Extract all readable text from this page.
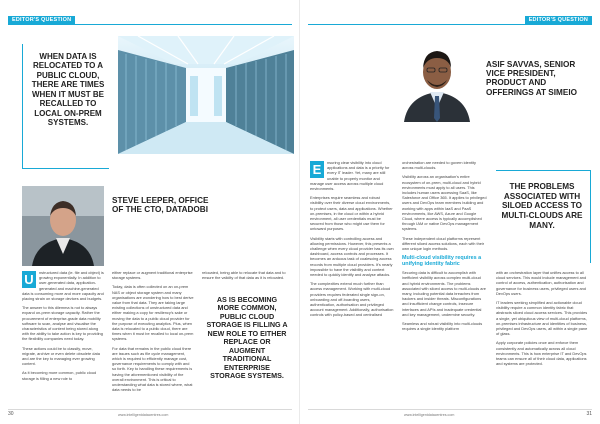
EDITOR'S QUESTION
WHEN DATA IS RELOCATED TO A PUBLIC CLOUD, THERE ARE TIMES WHEN IT MUST BE RECALLED TO LOCAL ON-PREM SYSTEMS.
STEVE LEEPER, OFFICE OF THE CTO, DATADOBI
U	nstructured data (ie. file and object) is growing exponentially. In addition to user-generated data, application-generated and machine-generated data is consuming more and more capacity and placing strain on storage devices and budgets.

The answer to this dilemma is not to always expand on-prem storage capacity. Rather the procurement of enterprise-grade data mobility software to scan, analyse and visualise the characteristics of content being stored along with the ability to take action is key to providing the flexibility companies need today.

These actions could be to classify, move, migrate, archive or even delete obsolete data and are the key to managing ever growing content.

As it becoming more common, public cloud storage is filling a new role to

either replace or augment traditional enterprise storage systems.

Today, data is often collected on an on-prem NAS or object storage system and many organisations are wondering how to best derive value from that data. They are taking large existing collections of unstructured data and either making a copy for resiliency's sake or moving the data to a public cloud provider for the purpose of executing analytics. Plus, when data is relocated to a public cloud, there are times when it must be recalled to local on-prem systems.

For data that remains in the public cloud there are issues such as file cycle management, which is required to efficiently manage cost, governance requirements to comply with and so forth. Key to handling these requirements is having the aforementioned visibility of the overall environment. This is critical to understanding what data is stored where, what data needs to be

relocated, being able to relocate that data and to ensure the validity of that data as it is relocated.

AS IS BECOMING MORE COMMON, PUBLIC CLOUD STORAGE IS FILLING A NEW ROLE TO EITHER REPLACE OR AUGMENT TRADITIONAL ENTERPRISE STORAGE SYSTEMS.
30	www.intelligentdatacentres.com
EDITOR'S QUESTION
ASIF SAVVAS, SENIOR VICE PRESIDENT, PRODUCT AND OFFERINGS AT SIMEIO
E	nsuring clear visibility into cloud applications and data is a priority for every IT leader. Yet, many are still unable to properly monitor and manage user access across multiple cloud environments.

Enterprises require seamless and robust visibility over their diverse cloud environments, to protect users, data and applications. Whether on-premises, in the cloud or within a hybrid environment, all user credentials must be secured from those who might use them for untoward purposes.

Visibility starts with controlling access and allowing permissions. However, this presents a challenge when every cloud provider has its own dashboard, access controls and processes. It becomes an arduous task of coalescing access records from multiple cloud providers. It's nearly impossible to have the visibility and context needed to quickly identify and analyse attacks.

The complexities extend much further than access management. Working with multi-cloud providers requires federated single sign-on, onboarding and off-boarding users, authentication, authorisation and privileged account management. Additionally, authorisation controls with policy-based and centralised

orchestration are needed to govern identity across multi-clouds.

Visibility across an organisation's entire ecosystem of on-prem, multi-cloud and hybrid environments must apply to all users. This includes human users accessing SaaS, like Salesforce and Office 365. It applies to privileged users and DevOps team members building and working with apps within IaaS and PaaS environments, like AWS, Azure and Google Cloud, where access is typically accomplished through IAM or native DevOps management systems.

These independent cloud platforms represent different siloed access solutions, each with their own unique login methods.

Multi-cloud visibility requires a unifying identity fabric

Securing data is difficult to accomplish with inefficient visibility across complex multi-cloud and hybrid environments. The problems associated with siloed access to multi-clouds are many, including potential data breaches from hackers and insider threats. Misconfigurations and insufficient change controls, insecure interfaces and APIs and inadequate credential and key management, undermine security.

Seamless and robust visibility into multi-clouds requires a single identity platform

THE PROBLEMS ASSOCIATED WITH SILOED ACCESS TO MULTI-CLOUDS ARE MANY.

with an orchestration layer that unifies access to all cloud services. This would include management and control of access, authentication, authorisation and governance for business users, privileged users and DevOps users.

IT leaders seeking simplified and actionable cloud visibility require a common identity fabric that abstracts siloed cloud access services. This provides a single, yet ubiquitous view of multi-cloud platforms, on-premises infrastructure and identities of business, privileged and DevOps users, all within a single pane of glass.

Apply corporate policies once and enforce them consistently and automatically across all cloud environments. This is how enterprise IT and DevOps teams can ensure all of their cloud data, applications and systems are protected.

www.intelligentdatacentres.com	31
